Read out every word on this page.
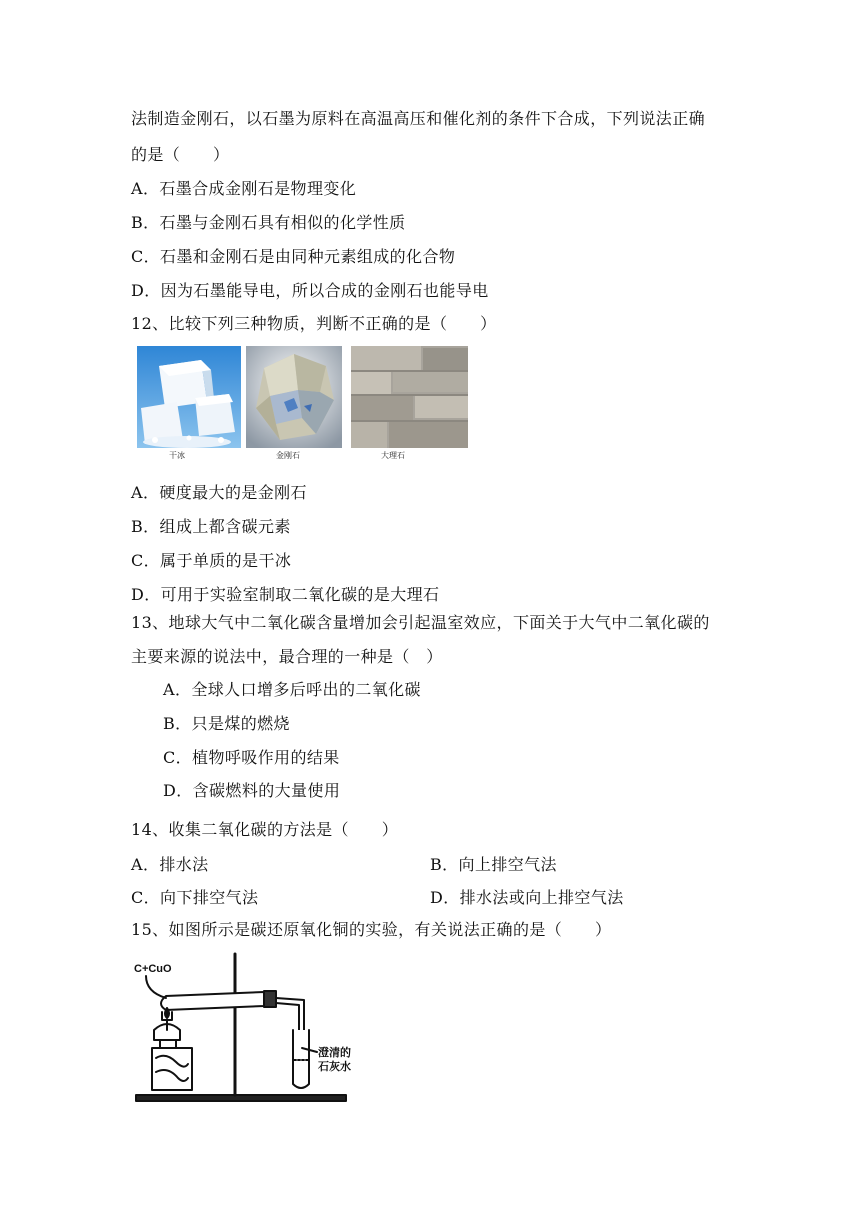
法制造金刚石，以石墨为原料在高温高压和催化剂的条件下合成，下列说法正确
的是（　　）
A．石墨合成金刚石是物理变化
B．石墨与金刚石具有相似的化学性质
C．石墨和金刚石是由同种元素组成的化合物
D．因为石墨能导电，所以合成的金刚石也能导电
12、比较下列三种物质，判断不正确的是（　　）
干冰	金刚石	大理石
A．硬度最大的是金刚石
B．组成上都含碳元素
C．属于单质的是干冰
D．可用于实验室制取二氧化碳的是大理石
13、地球大气中二氧化碳含量增加会引起温室效应，下面关于大气中二氧化碳的
主要来源的说法中，最合理的一种是（　）
A．全球人口增多后呼出的二氧化碳
B．只是煤的燃烧
C．植物呼吸作用的结果
D．含碳燃料的大量使用
14、收集二氧化碳的方法是（　　）
A．排水法	B．向上排空气法
C．向下排空气法	D．排水法或向上排空气法
15、如图所示是碳还原氧化铜的实验，有关说法正确的是（　　）
C+CuO
澄清的
石灰水
